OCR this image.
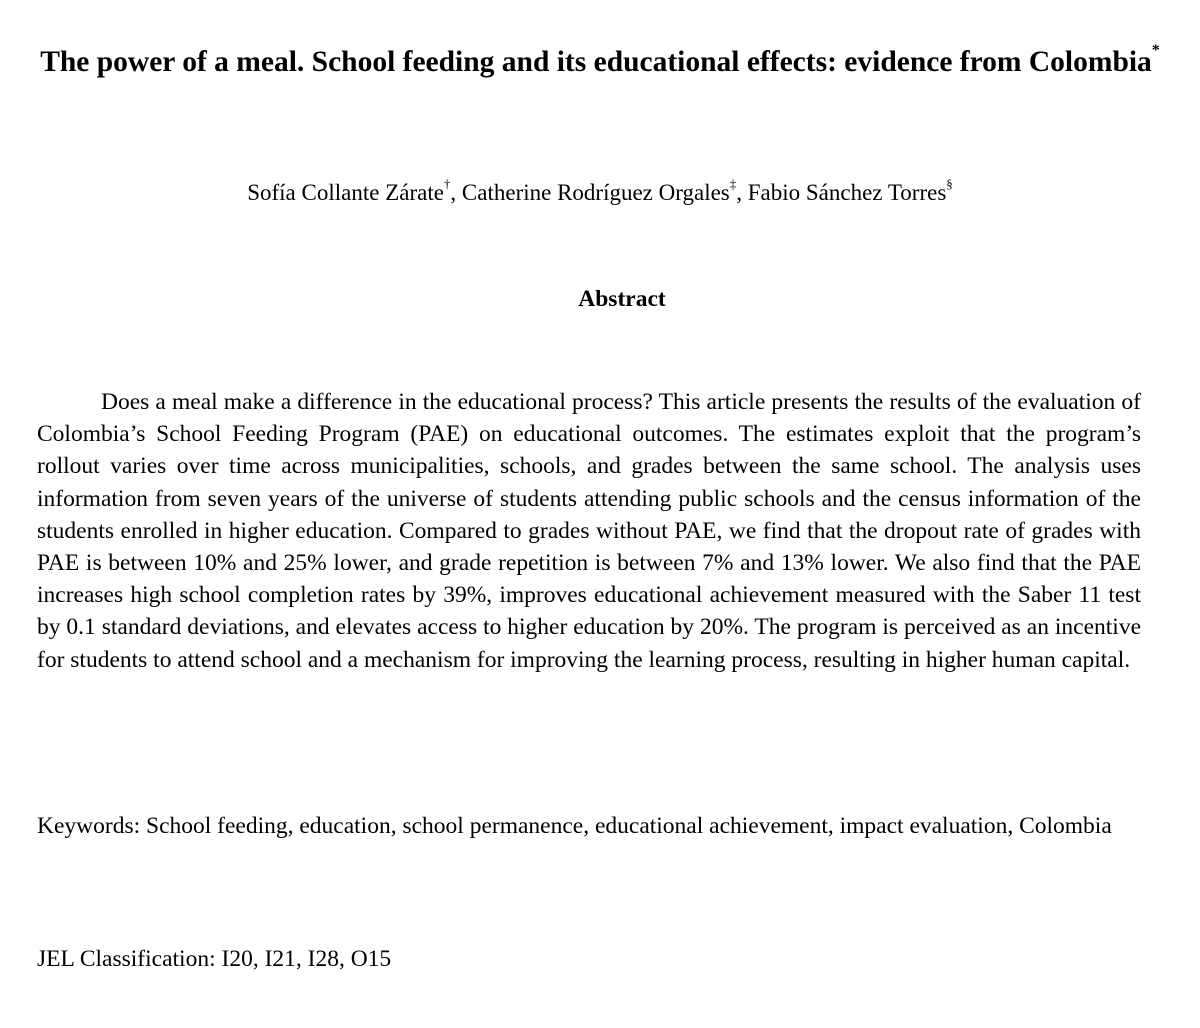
The power of a meal. School feeding and its educational effects: evidence from Colombia*
Sofía Collante Zárate†, Catherine Rodríguez Orgales‡, Fabio Sánchez Torres§
Abstract

Does a meal make a difference in the educational process? This article presents the results of the evaluation of Colombia’s School Feeding Program (PAE) on educational outcomes. The estimates exploit that the program’s rollout varies over time across municipalities, schools, and grades between the same school. The analysis uses information from seven years of the universe of students attending public schools and the census information of the students enrolled in higher education. Compared to grades without PAE, we find that the dropout rate of grades with PAE is between 10% and 25% lower, and grade repetition is between 7% and 13% lower. We also find that the PAE increases high school completion rates by 39%, improves educational achievement measured with the Saber 11 test by 0.1 standard deviations, and elevates access to higher education by 20%. The program is perceived as an incentive for students to attend school and a mechanism for improving the learning process, resulting in higher human capital.

Keywords: School feeding, education, school permanence, educational achievement, impact evaluation, Colombia

JEL Classification: I20, I21, I28, O15
